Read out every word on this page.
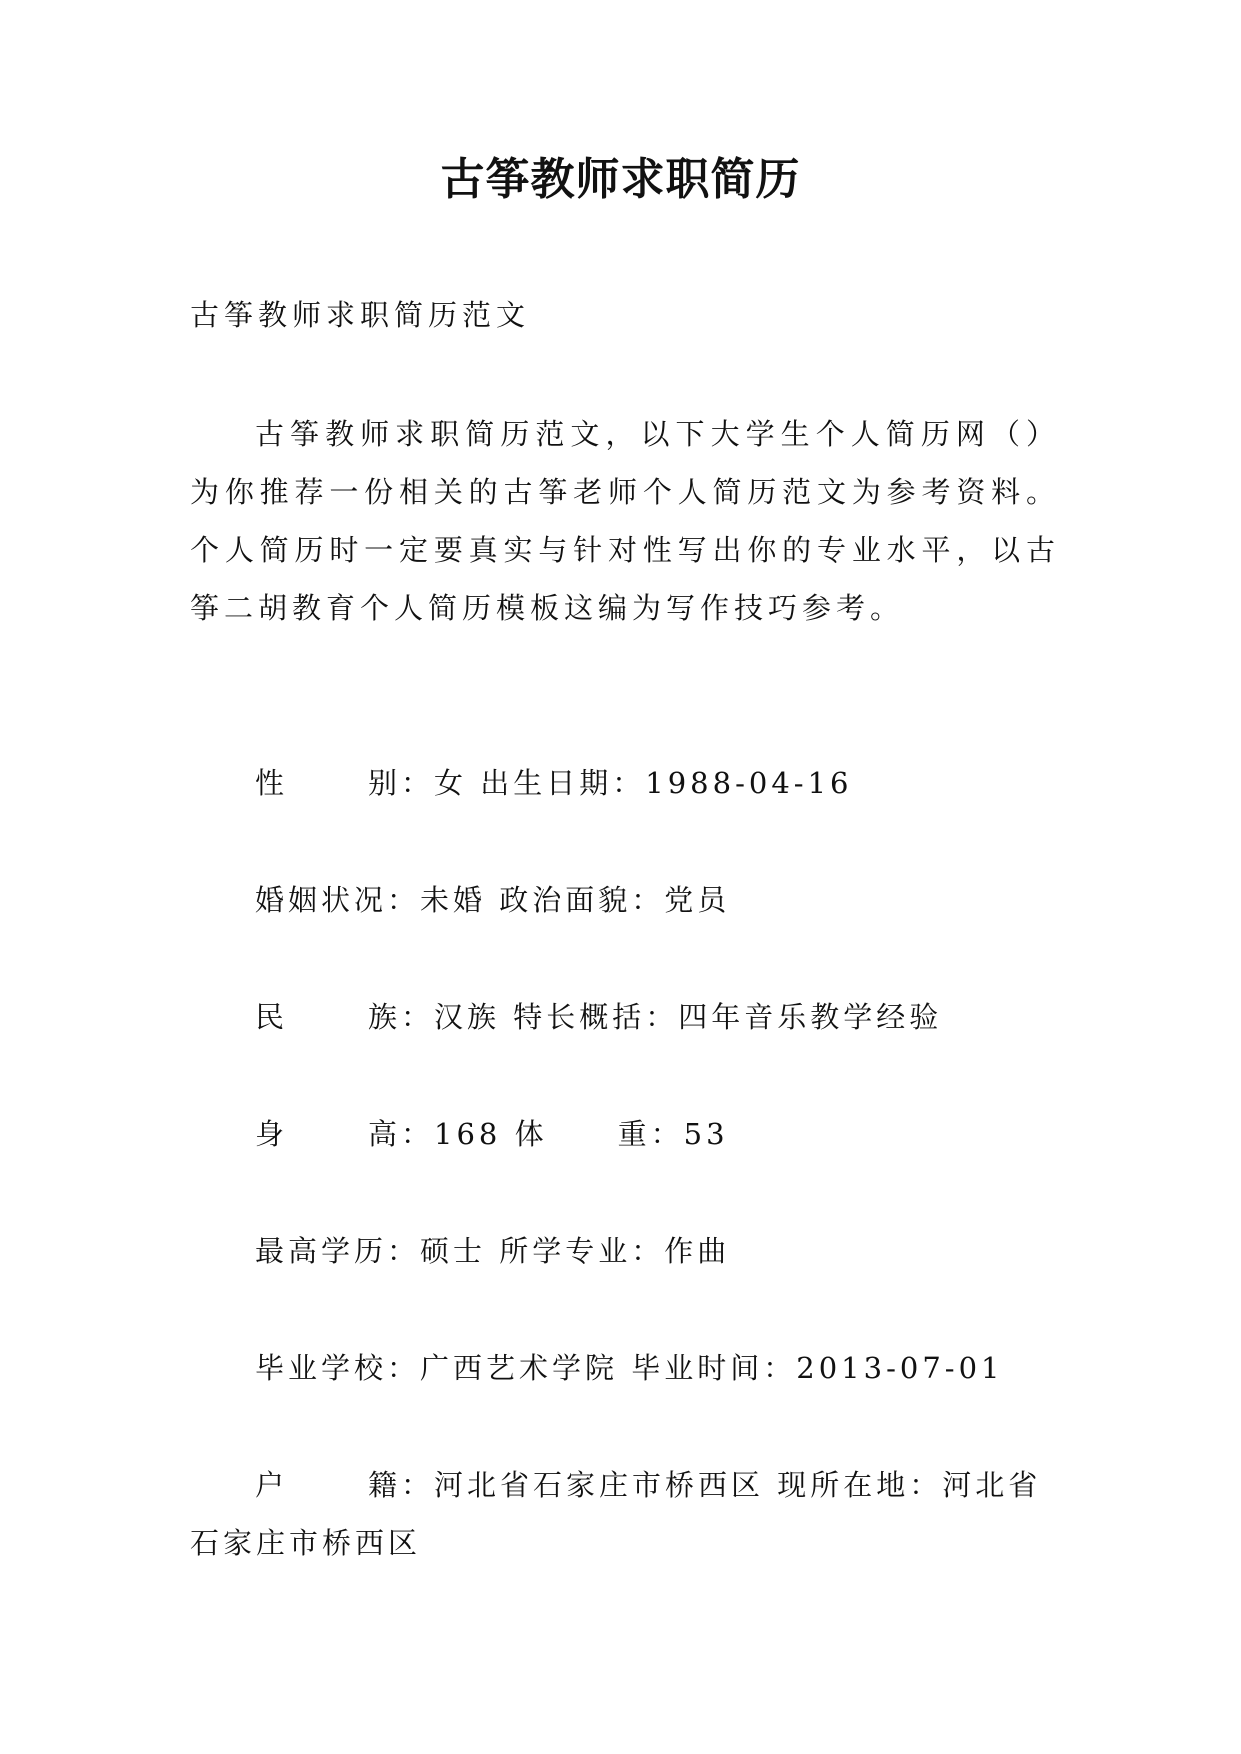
古筝教师求职简历

古筝教师求职简历范文

古筝教师求职简历范文，以下大学生个人简历网（）为你推荐一份相关的古筝老师个人简历范文为参考资料。个人简历时一定要真实与针对性写出你的专业水平，以古筝二胡教育个人简历模板这编为写作技巧参考。

性	别：女 出生日期：1988-04-16

婚姻状况：未婚 政治面貌：党员

民	族：汉族 特长概括：四年音乐教学经验

身	高：168 体 重：53

最高学历：硕士 所学专业：作曲

毕业学校：广西艺术学院 毕业时间：2013-07-01

户	籍：河北省石家庄市桥西区 现所在地：河北省石家庄市桥西区
